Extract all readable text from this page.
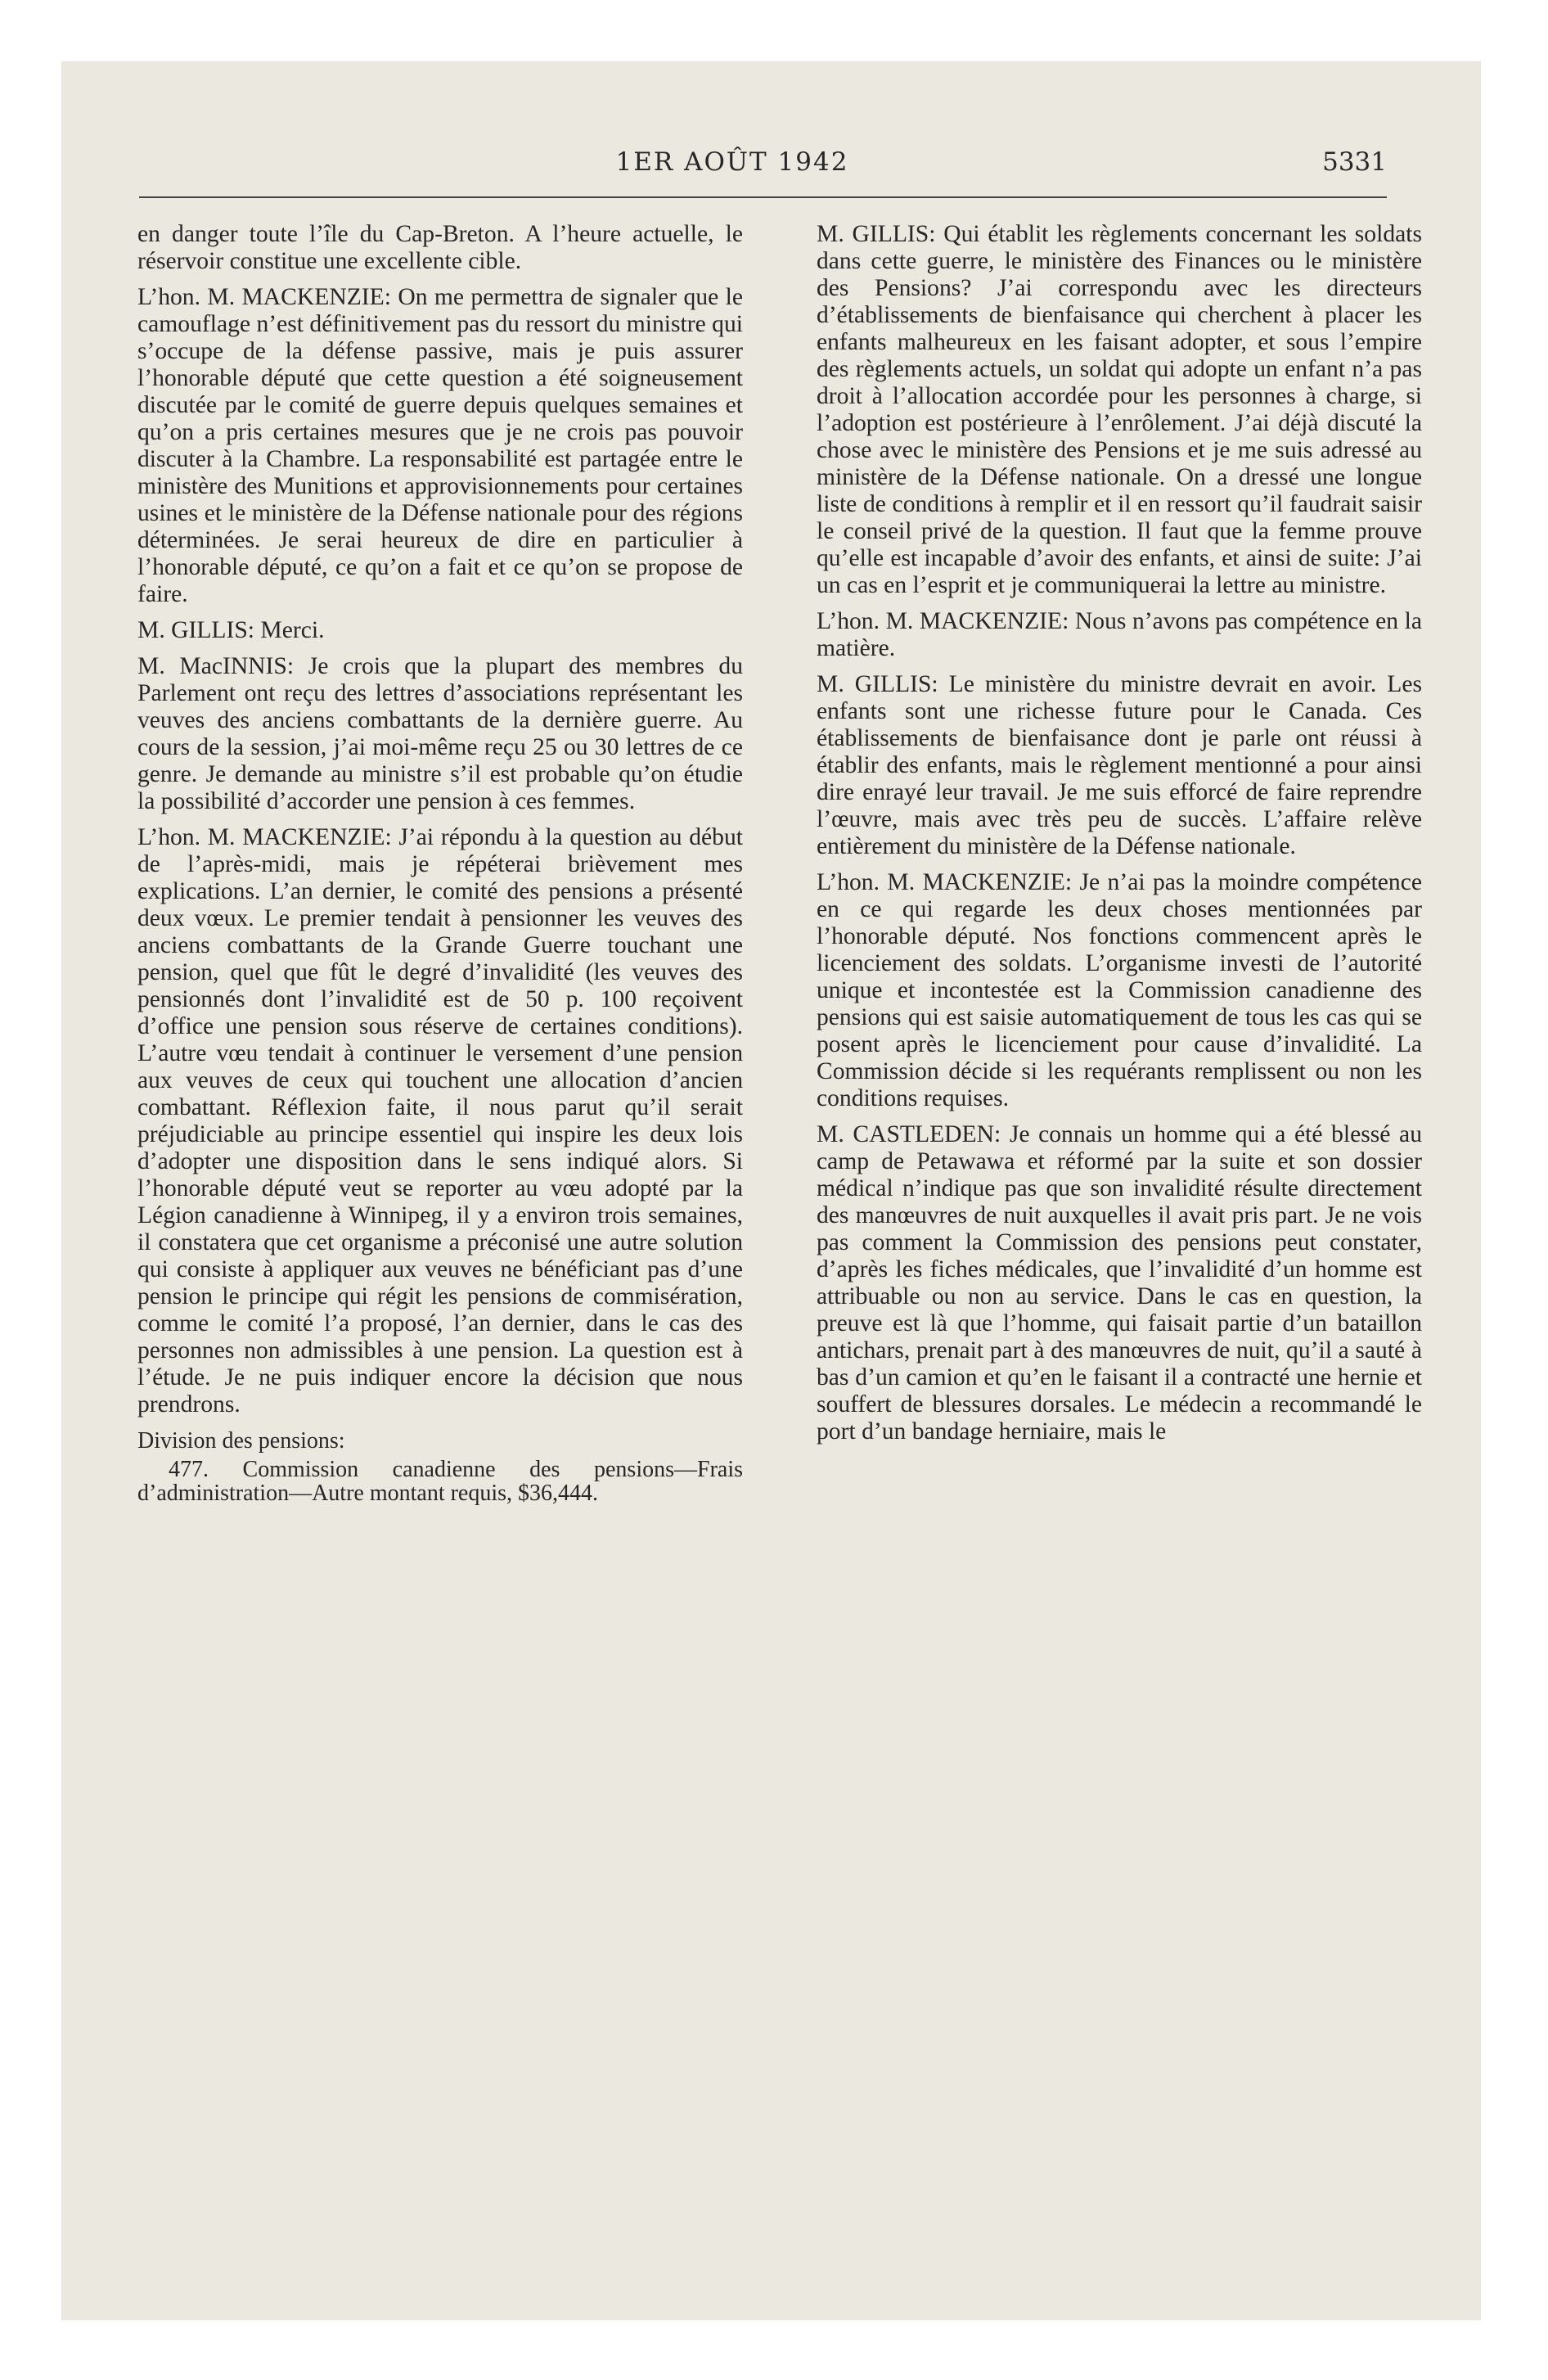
1ER AOÛT 1942	5331

en danger toute l’île du Cap-Breton. A l’heure actuelle, le réservoir constitue une excellente cible.

L’hon. M. MACKENZIE: On me permettra de signaler que le camouflage n’est définitivement pas du ressort du ministre qui s’occupe de la défense passive, mais je puis assurer l’honorable député que cette question a été soigneusement discutée par le comité de guerre depuis quelques semaines et qu’on a pris certaines mesures que je ne crois pas pouvoir discuter à la Chambre. La responsabilité est partagée entre le ministère des Munitions et approvisionnements pour certaines usines et le ministère de la Défense nationale pour des régions déterminées. Je serai heureux de dire en particulier à l’honorable député, ce qu’on a fait et ce qu’on se propose de faire.

M. GILLIS: Merci.

M. MacINNIS: Je crois que la plupart des membres du Parlement ont reçu des lettres d’associations représentant les veuves des anciens combattants de la dernière guerre. Au cours de la session, j’ai moi-même reçu 25 ou 30 lettres de ce genre. Je demande au ministre s’il est probable qu’on étudie la possibilité d’accorder une pension à ces femmes.

L’hon. M. MACKENZIE: J’ai répondu à la question au début de l’après-midi, mais je répéterai brièvement mes explications. L’an dernier, le comité des pensions a présenté deux vœux. Le premier tendait à pensionner les veuves des anciens combattants de la Grande Guerre touchant une pension, quel que fût le degré d’invalidité (les veuves des pensionnés dont l’invalidité est de 50 p. 100 reçoivent d’office une pension sous réserve de certaines conditions). L’autre vœu tendait à continuer le versement d’une pension aux veuves de ceux qui touchent une allocation d’ancien combattant. Réflexion faite, il nous parut qu’il serait préjudiciable au principe essentiel qui inspire les deux lois d’adopter une disposition dans le sens indiqué alors. Si l’honorable député veut se reporter au vœu adopté par la Légion canadienne à Winnipeg, il y a environ trois semaines, il constatera que cet organisme a préconisé une autre solution qui consiste à appliquer aux veuves ne bénéficiant pas d’une pension le principe qui régit les pensions de commisération, comme le comité l’a proposé, l’an dernier, dans le cas des personnes non admissibles à une pension. La question est à l’étude. Je ne puis indiquer encore la décision que nous prendrons.

Division des pensions:

477. Commission canadienne des pensions—Frais d’administration—Autre montant requis, $36,444.

M. GILLIS: Qui établit les règlements concernant les soldats dans cette guerre, le ministère des Finances ou le ministère des Pensions? J’ai correspondu avec les directeurs d’établissements de bienfaisance qui cherchent à placer les enfants malheureux en les faisant adopter, et sous l’empire des règlements actuels, un soldat qui adopte un enfant n’a pas droit à l’allocation accordée pour les personnes à charge, si l’adoption est postérieure à l’enrôlement. J’ai déjà discuté la chose avec le ministère des Pensions et je me suis adressé au ministère de la Défense nationale. On a dressé une longue liste de conditions à remplir et il en ressort qu’il faudrait saisir le conseil privé de la question. Il faut que la femme prouve qu’elle est incapable d’avoir des enfants, et ainsi de suite: J’ai un cas en l’esprit et je communiquerai la lettre au ministre.

L’hon. M. MACKENZIE: Nous n’avons pas compétence en la matière.

M. GILLIS: Le ministère du ministre devrait en avoir. Les enfants sont une richesse future pour le Canada. Ces établissements de bienfaisance dont je parle ont réussi à établir des enfants, mais le règlement mentionné a pour ainsi dire enrayé leur travail. Je me suis efforcé de faire reprendre l’œuvre, mais avec très peu de succès. L’affaire relève entièrement du ministère de la Défense nationale.

L’hon. M. MACKENZIE: Je n’ai pas la moindre compétence en ce qui regarde les deux choses mentionnées par l’honorable député. Nos fonctions commencent après le licenciement des soldats. L’organisme investi de l’autorité unique et incontestée est la Commission canadienne des pensions qui est saisie automatiquement de tous les cas qui se posent après le licenciement pour cause d’invalidité. La Commission décide si les requérants remplissent ou non les conditions requises.

M. CASTLEDEN: Je connais un homme qui a été blessé au camp de Petawawa et réformé par la suite et son dossier médical n’indique pas que son invalidité résulte directement des manœuvres de nuit auxquelles il avait pris part. Je ne vois pas comment la Commission des pensions peut constater, d’après les fiches médicales, que l’invalidité d’un homme est attribuable ou non au service. Dans le cas en question, la preuve est là que l’homme, qui faisait partie d’un bataillon antichars, prenait part à des manœuvres de nuit, qu’il a sauté à bas d’un camion et qu’en le faisant il a contracté une hernie et souffert de blessures dorsales. Le médecin a recommandé le port d’un bandage herniaire, mais le
